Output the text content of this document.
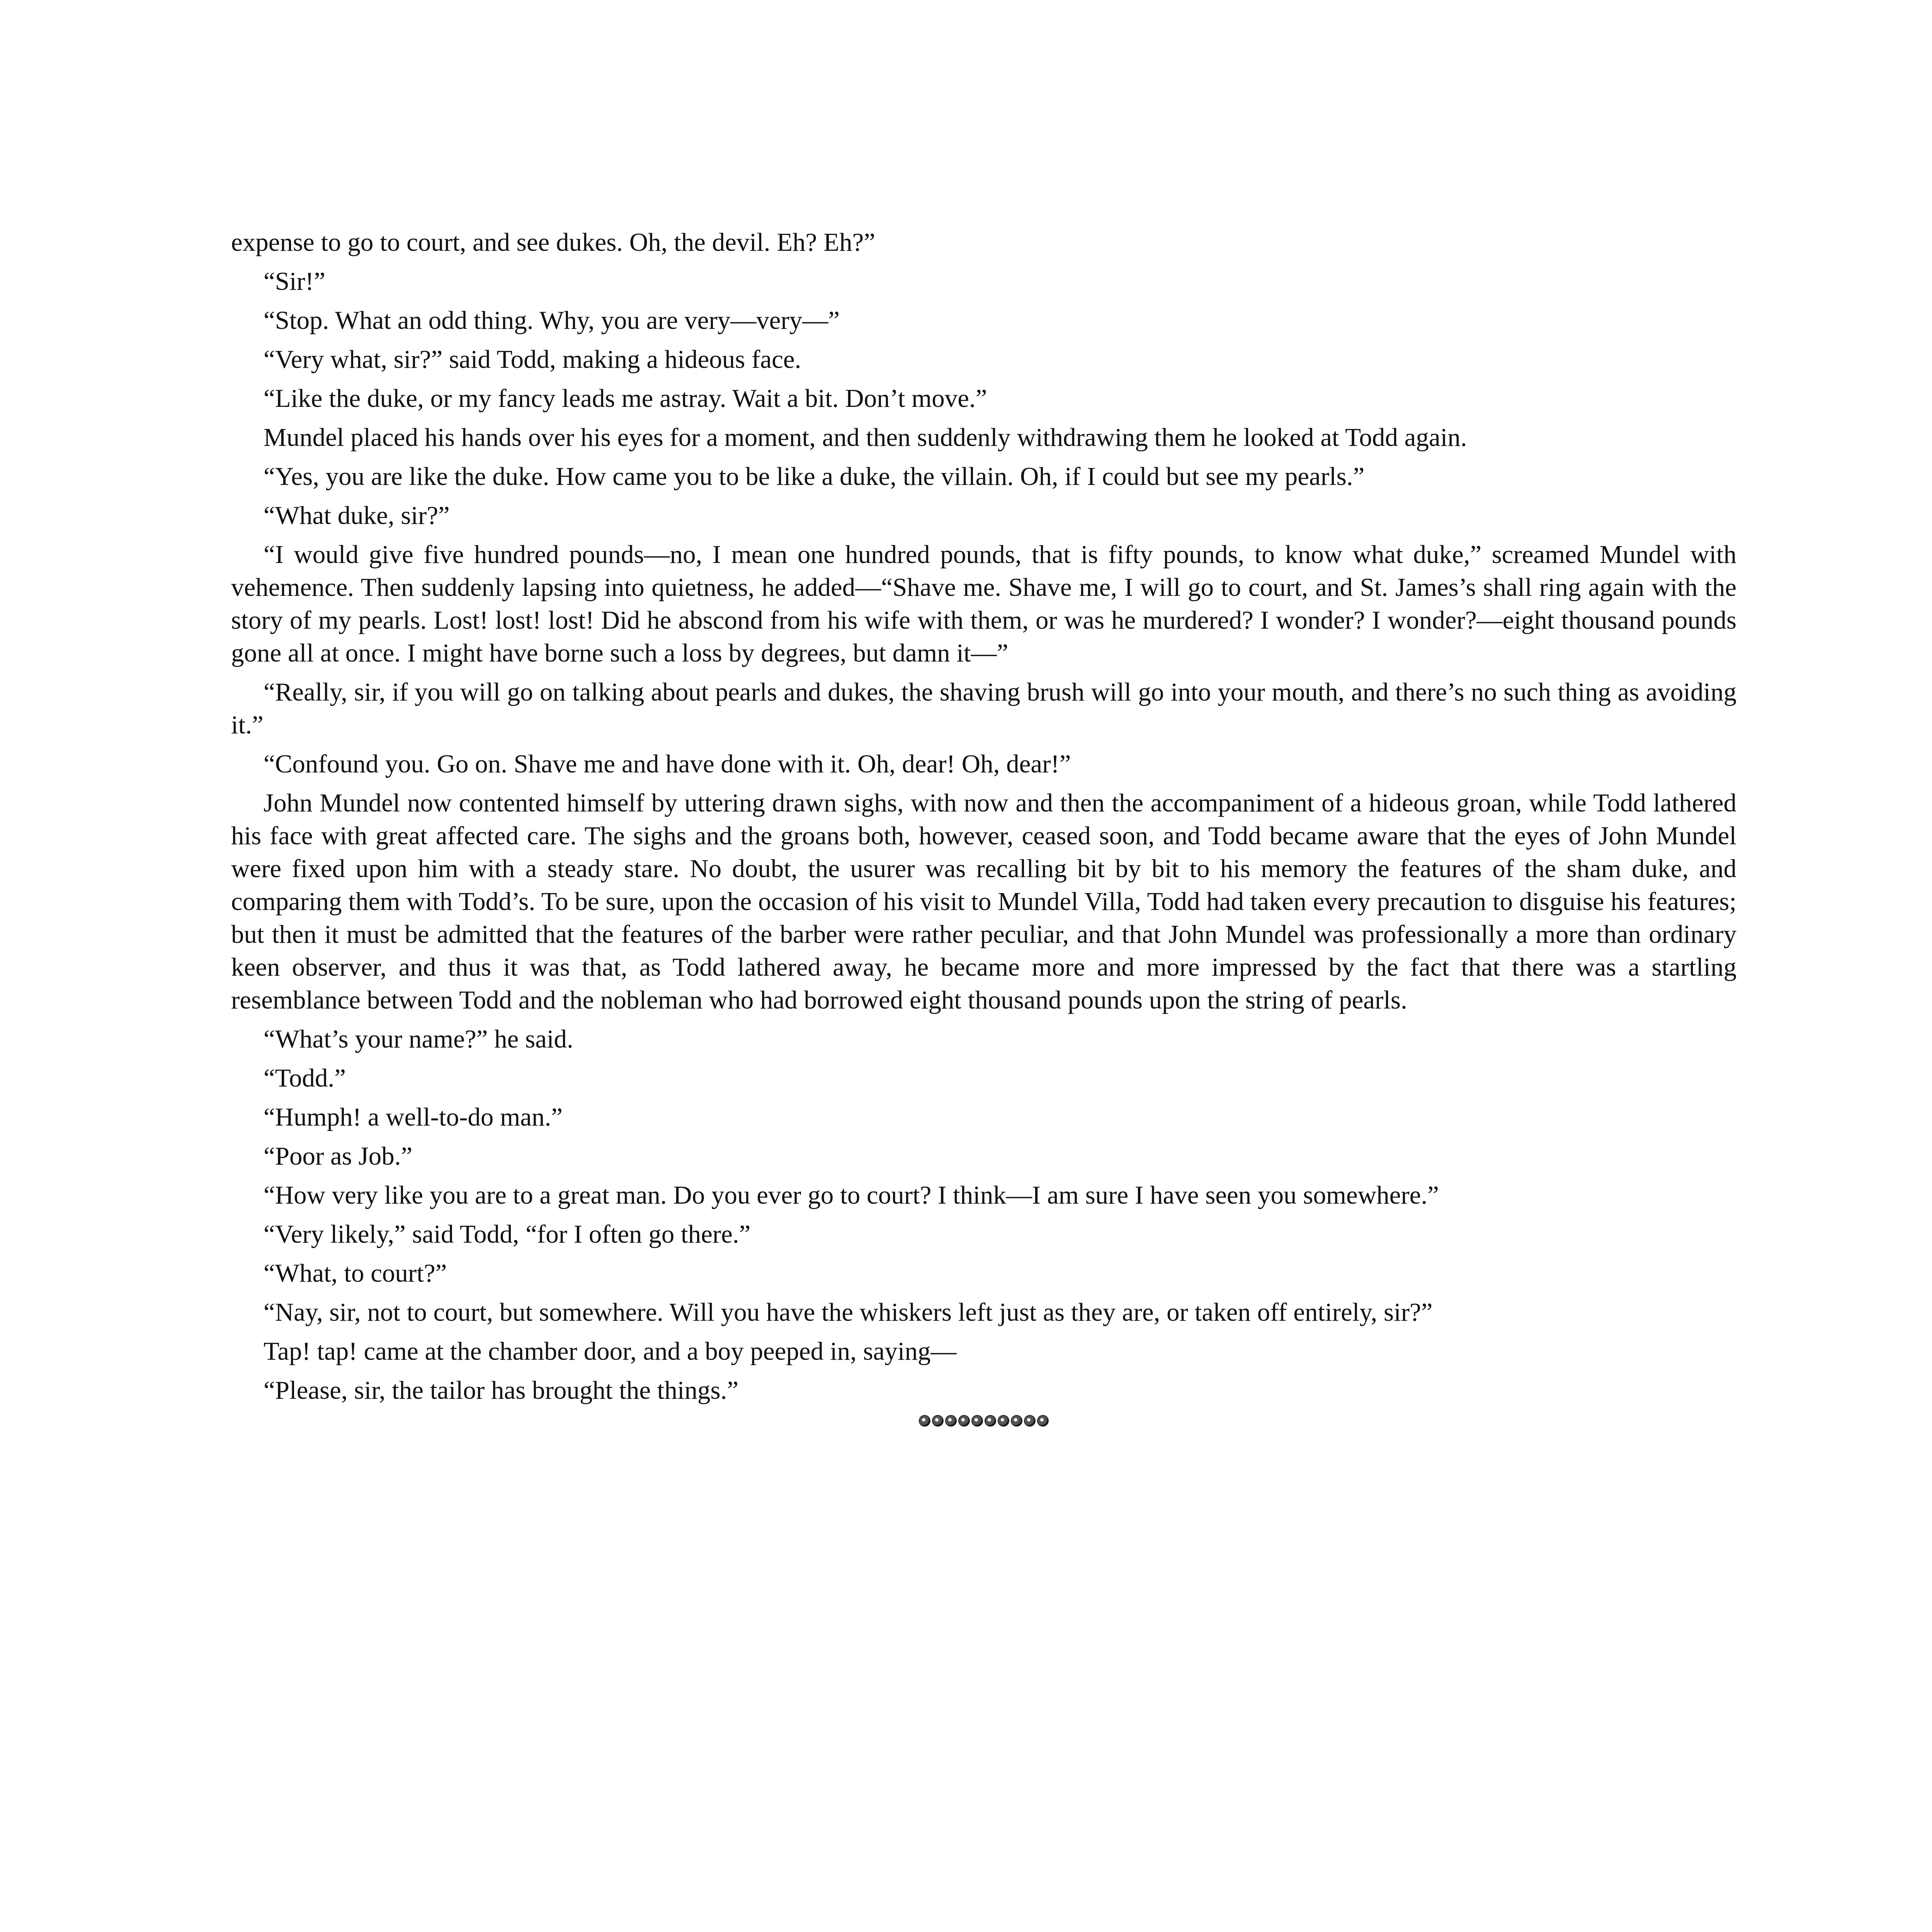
expense to go to court, and see dukes. Oh, the devil. Eh? Eh?”

“Sir!”

“Stop. What an odd thing. Why, you are very—very—”

“Very what, sir?” said Todd, making a hideous face.

“Like the duke, or my fancy leads me astray. Wait a bit. Don’t move.”

Mundel placed his hands over his eyes for a moment, and then suddenly withdrawing them he looked at Todd again.

“Yes, you are like the duke. How came you to be like a duke, the villain. Oh, if I could but see my pearls.”

“What duke, sir?”

“I would give five hundred pounds—no, I mean one hundred pounds, that is fifty pounds, to know what duke,” screamed Mundel with vehemence. Then suddenly lapsing into quietness, he added—“Shave me. Shave me, I will go to court, and St. James’s shall ring again with the story of my pearls. Lost! lost! lost! Did he abscond from his wife with them, or was he murdered? I wonder? I wonder?—eight thousand pounds gone all at once. I might have borne such a loss by degrees, but damn it—”

“Really, sir, if you will go on talking about pearls and dukes, the shaving brush will go into your mouth, and there’s no such thing as avoiding it.”

“Confound you. Go on. Shave me and have done with it. Oh, dear! Oh, dear!”

John Mundel now contented himself by uttering drawn sighs, with now and then the accompaniment of a hideous groan, while Todd lathered his face with great affected care. The sighs and the groans both, however, ceased soon, and Todd became aware that the eyes of John Mundel were fixed upon him with a steady stare. No doubt, the usurer was recalling bit by bit to his memory the features of the sham duke, and comparing them with Todd’s. To be sure, upon the occasion of his visit to Mundel Villa, Todd had taken every precaution to disguise his features; but then it must be admitted that the features of the barber were rather peculiar, and that John Mundel was professionally a more than ordinary keen observer, and thus it was that, as Todd lathered away, he became more and more impressed by the fact that there was a startling resemblance between Todd and the nobleman who had borrowed eight thousand pounds upon the string of pearls.

“What’s your name?” he said.

“Todd.”

“Humph! a well-to-do man.”

“Poor as Job.”

“How very like you are to a great man. Do you ever go to court? I think—I am sure I have seen you somewhere.”

“Very likely,” said Todd, “for I often go there.”

“What, to court?”

“Nay, sir, not to court, but somewhere. Will you have the whiskers left just as they are, or taken off entirely, sir?”

Tap! tap! came at the chamber door, and a boy peeped in, saying—

“Please, sir, the tailor has brought the things.”
